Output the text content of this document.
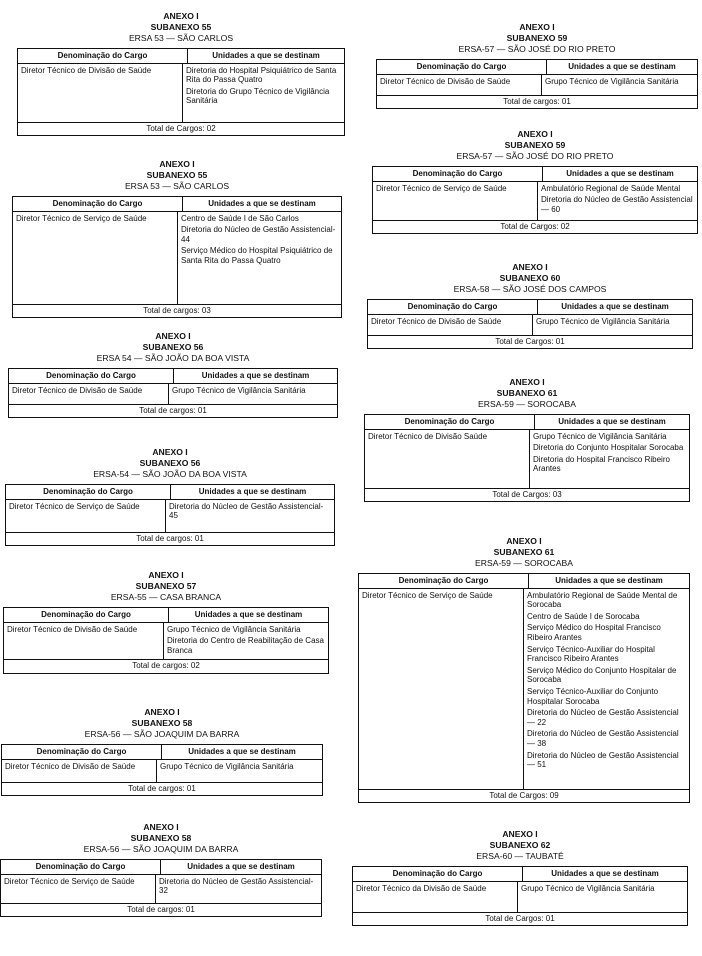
ANEXO I
SUBANEXO 55
ERSA 53 — SÃO CARLOS
Denominação do Cargo	Unidades a que se destinam
Diretor Técnico de Divisão de Saúde	Diretoria do Hospital Psiquiátrico de Santa Rita do Passa Quatro
Diretoria do Grupo Técnico de Vigilância Sanitária
Total de Cargos: 02
ANEXO I
SUBANEXO 55
ERSA 53 — SÃO CARLOS
Denominação do Cargo	Unidades a que se destinam
Diretor Técnico de Serviço de Saúde	Centro de Saúde I de São Carlos
Diretoria do Núcleo de Gestão Assistencial-44
Serviço Médico do Hospital Psiquiátrico de Santa Rita do Passa Quatro
Total de cargos: 03
ANEXO I
SUBANEXO 56
ERSA 54 — SÃO JOÃO DA BOA VISTA
Denominação do Cargo	Unidades a que se destinam
Diretor Técnico de Divisão de Saúde	Grupo Técnico de Vigilância Sanitária
Total de cargos: 01
ANEXO I
SUBANEXO 56
ERSA-54 — SÃO JOÃO DA BOA VISTA
Denominação do Cargo	Unidades a que se destinam
Diretor Técnico de Serviço de Saúde	Diretoria do Núcleo de Gestão Assistencial-45
Total de cargos: 01
ANEXO I
SUBANEXO 57
ERSA-55 — CASA BRANCA
Denominação do Cargo	Unidades a que se destinam
Diretor Técnico de Divisão de Saúde	Grupo Técnico de Vigilância Sanitária
Diretoria do Centro de Reabilitação de Casa Branca
Total de cargos: 02
ANEXO I
SUBANEXO 58
ERSA-56 — SÃO JOAQUIM DA BARRA
Denominação do Cargo	Unidades a que se destinam
Diretor Técnico de Divisão de Saúde	Grupo Técnico de Vigilância Sanitária
Total de cargos: 01
ANEXO I
SUBANEXO 58
ERSA-56 — SÃO JOAQUIM DA BARRA
Denominação do Cargo	Unidades a que se destinam
Diretor Técnico de Serviço de Saúde	Diretoria do Núcleo de Gestão Assistencial-32
Total de cargos: 01
ANEXO I
SUBANEXO 59
ERSA-57 — SÃO JOSÉ DO RIO PRETO
Denominação do Cargo	Unidades a que se destinam
Diretor Técnico de Divisão de Saúde	Grupo Técnico de Vigilância Sanitária
Total de cargos: 01
ANEXO I
SUBANEXO 59
ERSA-57 — SÃO JOSÉ DO RIO PRETO
Denominação do Cargo	Unidades a que se destinam
Diretor Técnico de Serviço de Saúde	Ambulatório Regional de Saúde Mental
Diretoria do Núcleo de Gestão Assistencial — 60
Total de Cargos: 02
ANEXO I
SUBANEXO 60
ERSA-58 — SÃO JOSÉ DOS CAMPOS
Denominação do Cargo	Unidades a que se destinam
Diretor Técnico de Divisão de Saúde	Grupo Técnico de Vigilância Sanitária
Total de Cargos: 01
ANEXO I
SUBANEXO 61
ERSA-59 — SOROCABA
Denominação do Cargo	Unidades a que se destinam
Diretor Técnico de Divisão Saúde	Grupo Técnico de Vigilância Sanitária
Diretoria do Conjunto Hospitalar Sorocaba
Diretoria do Hospital Francisco Ribeiro Arantes
Total de Cargos: 03
ANEXO I
SUBANEXO 61
ERSA-59 — SOROCABA
Denominação do Cargo	Unidades a que se destinam
Diretor Técnico de Serviço de Saúde	Ambulatório Regional de Saúde Mental de Sorocaba
Centro de Saúde I de Sorocaba
Serviço Médico do Hospital Francisco Ribeiro Arantes
Serviço Técnico-Auxiliar do Hospital Francisco Ribeiro Arantes
Serviço Médico do Conjunto Hospitalar de Sorocaba
Serviço Técnico-Auxiliar do Conjunto Hospitalar Sorocaba
Diretoria do Núcleo de Gestão Assistencial — 22
Diretoria do Núcleo de Gestão Assistencial — 38
Diretoria do Núcleo de Gestão Assistencial — 51
Total de Cargos: 09
ANEXO I
SUBANEXO 62
ERSA-60 — TAUBATÉ
Denominação do Cargo	Unidades a que se destinam
Diretor Técnico da Divisão de Saúde	Grupo Técnico de Vigilância Sanitária
Total de Cargos: 01
